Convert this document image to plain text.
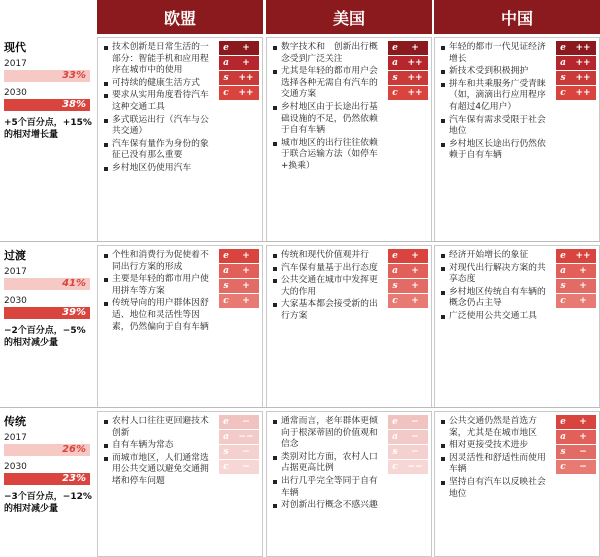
欧盟	美国	中国
现代
2017
33%
2030
38%
+5个百分点，+15%的相对增长量
技术创新是日常生活的一部分：智能手机和应用程序在城市中的使用
可持续的健康生活方式
要求从实用角度看待汽车这种交通工具
多式联运出行（汽车与公共交通）
汽车保有量作为身份的象征已没有那么重要
乡村地区仍使用汽车
e	+
a	+
s	++
c	++
数字技术和　创新出行概念受到广泛关注
尤其是年轻的都市用户会选择各种无需自有汽车的交通方案
乡村地区由于长途出行基础设施的不足，仍然依赖于自有车辆
城市地区的出行往往依赖于联合运输方法（如停车+换乘）
e	+
a	++
s	++
c	++
年轻的都市一代见证经济增长
新技术受到积极拥护
拼车和共乘服务广受青睐（如，滴滴出行应用程序有超过4亿用户）
汽车保有需求受限于社会地位
乡村地区长途出行仍然依赖于自有车辆
e	++
a	++
s	++
c	++
过渡
2017
41%
2030
39%
−2个百分点，−5%的相对减少量
个性和消费行为促使着不同出行方案的形成
主要是年轻的都市用户使用拼车等方案
传统导向的用户群体因舒适、地位和灵活性等因素，仍然偏向于自有车辆
e	+
a	+
s	+
c	+
传统和现代价值观并行
汽车保有量基于出行态度
公共交通在城市中发挥更大的作用
大家基本都会接受新的出行方案
e	+
a	+
s	+
c	+
经济开始增长的象征
对现代出行解决方案的共享态度
乡村地区传统自有车辆的概念仍占主导
广泛使用公共交通工具
e	++
a	+
s	+
c	+
传统
2017
26%
2030
23%
−3个百分点，−12%的相对减少量
农村人口往往更回避技术创新
自有车辆为常态
而城市地区，人们通常选用公共交通以避免交通拥堵和停车问题
e	−
a	−−
s	−
c	−
通常而言，老年群体更倾向于根深蒂固的价值观和信念
类别对比方面，农村人口占据更高比例
出行几乎完全等同于自有车辆
对创新出行概念不感兴趣
e	−
a	−
s	−
c	−−
公共交通仍然是首选方案，尤其是在城市地区
相对更接受技术进步
因灵活性和舒适性而使用车辆
坚持自有汽车以反映社会地位
e	+
a	+
s	−
c	−
